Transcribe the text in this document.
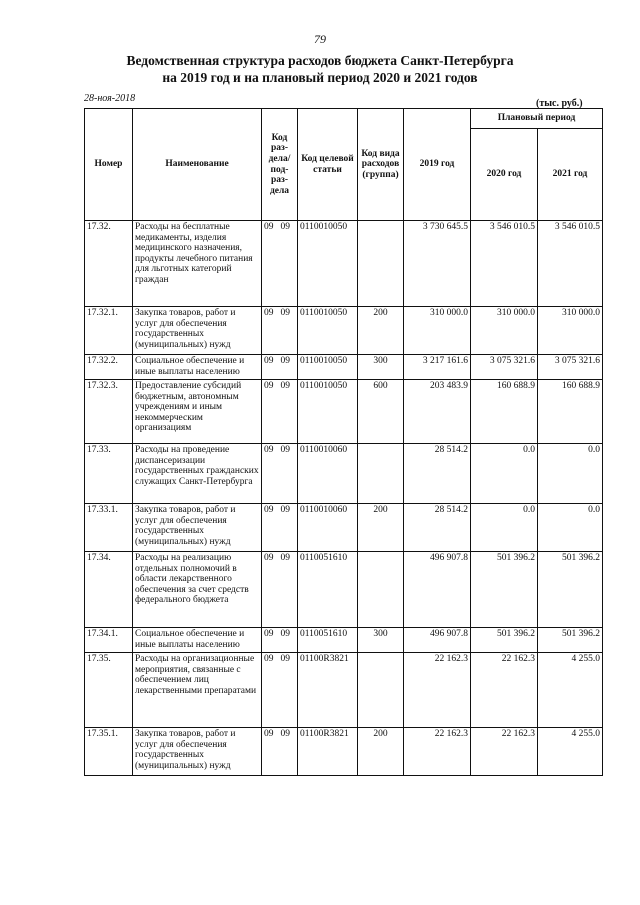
79
Ведомственная структура расходов бюджета Санкт-Петербурга
на 2019 год и на плановый период 2020 и 2021 годов
28-ноя-2018	(тыс. руб.)
Номер	Наименование	Код раз-дела/ под-раз-дела	Код целевой статьи	Код вида расходов (группа)	2019 год	Плановый период	
						2020 год	2021 год
17.32.	Расходы на бесплатные медикаменты, изделия медицинского назначения, продукты лечебного питания для льготных категорий граждан	09 09	0110010050		3 730 645.5	3 546 010.5	3 546 010.5
17.32.1.	Закупка товаров, работ и услуг для обеспечения государственных (муниципальных) нужд	09 09	0110010050	200	310 000.0	310 000.0	310 000.0
17.32.2.	Социальное обеспечение и иные выплаты населению	09 09	0110010050	300	3 217 161.6	3 075 321.6	3 075 321.6
17.32.3.	Предоставление субсидий бюджетным, автономным учреждениям и иным некоммерческим организациям	09 09	0110010050	600	203 483.9	160 688.9	160 688.9
17.33.	Расходы на проведение диспансеризации государственных гражданских служащих Санкт-Петербурга	09 09	0110010060		28 514.2	0.0	0.0
17.33.1.	Закупка товаров, работ и услуг для обеспечения государственных (муниципальных) нужд	09 09	0110010060	200	28 514.2	0.0	0.0
17.34.	Расходы на реализацию отдельных полномочий в области лекарственного обеспечения за счет средств федерального бюджета	09 09	0110051610		496 907.8	501 396.2	501 396.2
17.34.1.	Социальное обеспечение и иные выплаты населению	09 09	0110051610	300	496 907.8	501 396.2	501 396.2
17.35.	Расходы на организационные мероприятия, связанные с обеспечением лиц лекарственными препаратами	09 09	01100R3821		22 162.3	22 162.3	4 255.0
17.35.1.	Закупка товаров, работ и услуг для обеспечения государственных (муниципальных) нужд	09 09	01100R3821	200	22 162.3	22 162.3	4 255.0
